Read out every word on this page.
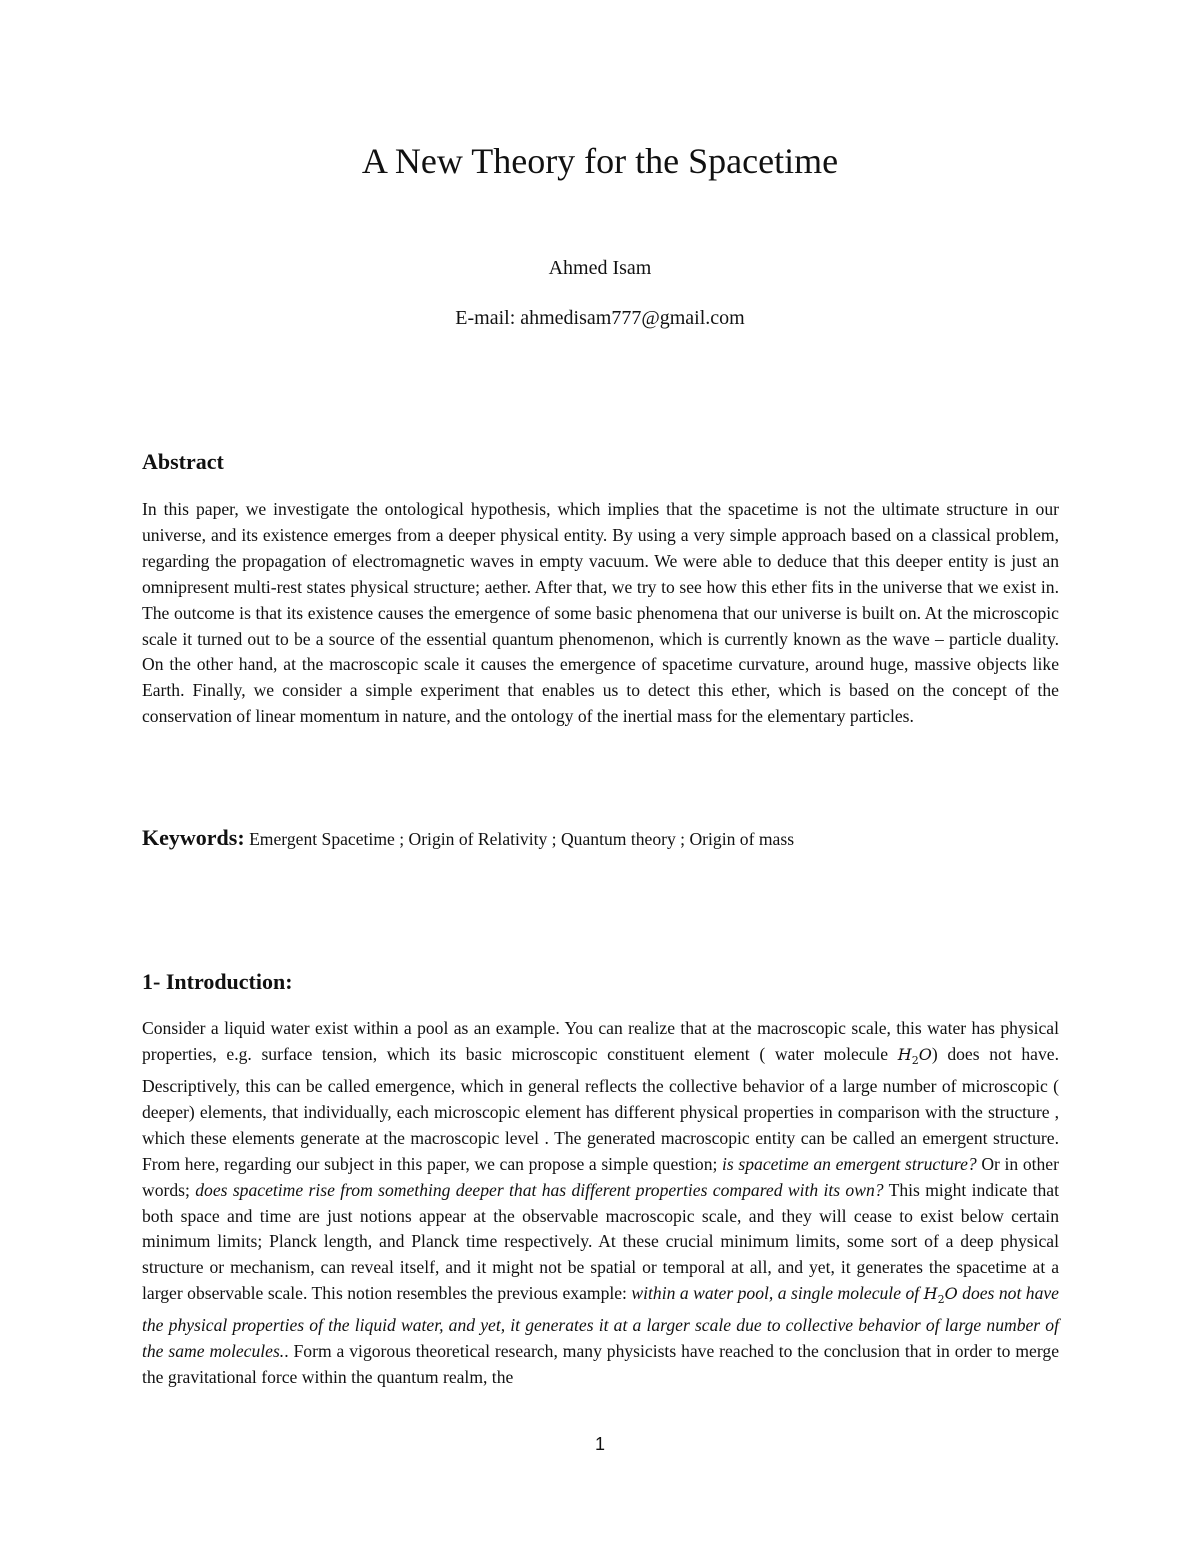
A New Theory for the Spacetime
Ahmed Isam
E-mail: ahmedisam777@gmail.com
Abstract

In this paper, we investigate the ontological hypothesis, which implies that the spacetime is not the ultimate structure in our universe, and its existence emerges from a deeper physical entity. By using a very simple approach based on a classical problem, regarding the propagation of electromagnetic waves in empty vacuum. We were able to deduce that this deeper entity is just an omnipresent multi-rest states physical structure; aether. After that, we try to see how this ether fits in the universe that we exist in. The outcome is that its existence causes the emergence of some basic phenomena that our universe is built on. At the microscopic scale it turned out to be a source of the essential quantum phenomenon, which is currently known as the wave – particle duality. On the other hand, at the macroscopic scale it causes the emergence of spacetime curvature, around huge, massive objects like Earth. Finally, we consider a simple experiment that enables us to detect this ether, which is based on the concept of the conservation of linear momentum in nature, and the ontology of the inertial mass for the elementary particles.

Keywords: Emergent Spacetime ; Origin of Relativity ; Quantum theory ; Origin of mass

1- Introduction:

Consider a liquid water exist within a pool as an example. You can realize that at the macroscopic scale, this water has physical properties, e.g. surface tension, which its basic microscopic constituent element ( water molecule $H_2O$) does not have. Descriptively, this can be called emergence, which in general reflects the collective behavior of a large number of microscopic ( deeper) elements, that individually, each microscopic element has different physical properties in comparison with the structure , which these elements generate at the macroscopic level . The generated macroscopic entity can be called an emergent structure. From here, regarding our subject in this paper, we can propose a simple question; is spacetime an emergent structure? Or in other words; does spacetime rise from something deeper that has different properties compared with its own? This might indicate that both space and time are just notions appear at the observable macroscopic scale, and they will cease to exist below certain minimum limits; Planck length, and Planck time respectively. At these crucial minimum limits, some sort of a deep physical structure or mechanism, can reveal itself, and it might not be spatial or temporal at all, and yet, it generates the spacetime at a larger observable scale. This notion resembles the previous example: within a water pool, a single molecule of $H_2O$ does not have the physical properties of the liquid water, and yet, it generates it at a larger scale due to collective behavior of large number of the same molecules.. Form a vigorous theoretical research, many physicists have reached to the conclusion that in order to merge the gravitational force within the quantum realm, the

1
